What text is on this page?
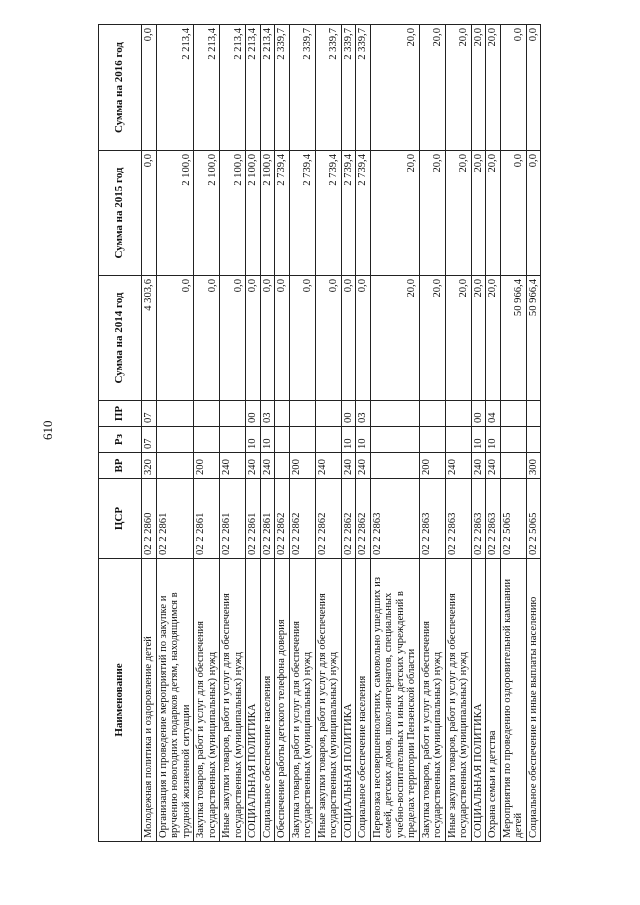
610
Наименование	ЦСР	ВР	Рз	ПР	Сумма на 2014 год	Сумма на 2015 год	Сумма на 2016 год
Молодежная политика и оздоровление детей	02 2 2860	320	07	07	4 303,6	0,0	0,0
Организация и проведение мероприятий по закупке и вручению новогодних подарков детям, находящимся в трудной жизненной ситуации	02 2 2861				0,0	2 100,0	2 213,4
Закупка товаров, работ и услуг для обеспечения государственных (муниципальных) нужд	02 2 2861	200			0,0	2 100,0	2 213,4
Иные закупки товаров, работ и услуг для обеспечения государственных (муниципальных) нужд	02 2 2861	240			0,0	2 100,0	2 213,4
СОЦИАЛЬНАЯ ПОЛИТИКА	02 2 2861	240	10	00	0,0	2 100,0	2 213,4
Социальное обеспечение населения	02 2 2861	240	10	03	0,0	2 100,0	2 213,4
Обеспечение работы детского телефона доверия	02 2 2862				0,0	2 739,4	2 339,7
Закупка товаров, работ и услуг для обеспечения государственных (муниципальных) нужд	02 2 2862	200			0,0	2 739,4	2 339,7
Иные закупки товаров, работ и услуг для обеспечения государственных (муниципальных) нужд	02 2 2862	240			0,0	2 739,4	2 339,7
СОЦИАЛЬНАЯ ПОЛИТИКА	02 2 2862	240	10	00	0,0	2 739,4	2 339,7
Социальное обеспечение населения	02 2 2862	240	10	03	0,0	2 739,4	2 339,7
Перевозка несовершеннолетних, самовольно ушедших из семей, детских домов, школ-интернатов, специальных учебно-воспитательных и иных детских учреждений в пределах территории Пензенской области	02 2 2863				20,0	20,0	20,0
Закупка товаров, работ и услуг для обеспечения государственных (муниципальных) нужд	02 2 2863	200			20,0	20,0	20,0
Иные закупки товаров, работ и услуг для обеспечения государственных (муниципальных) нужд	02 2 2863	240			20,0	20,0	20,0
СОЦИАЛЬНАЯ ПОЛИТИКА	02 2 2863	240	10	00	20,0	20,0	20,0
Охрана семьи и детства	02 2 2863	240	10	04	20,0	20,0	20,0
Мероприятия по проведению оздоровительной кампании детей	02 2 5065				50 966,4	0,0	0,0
Социальное обеспечение и иные выплаты населению	02 2 5065	300			50 966,4	0,0	0,0
